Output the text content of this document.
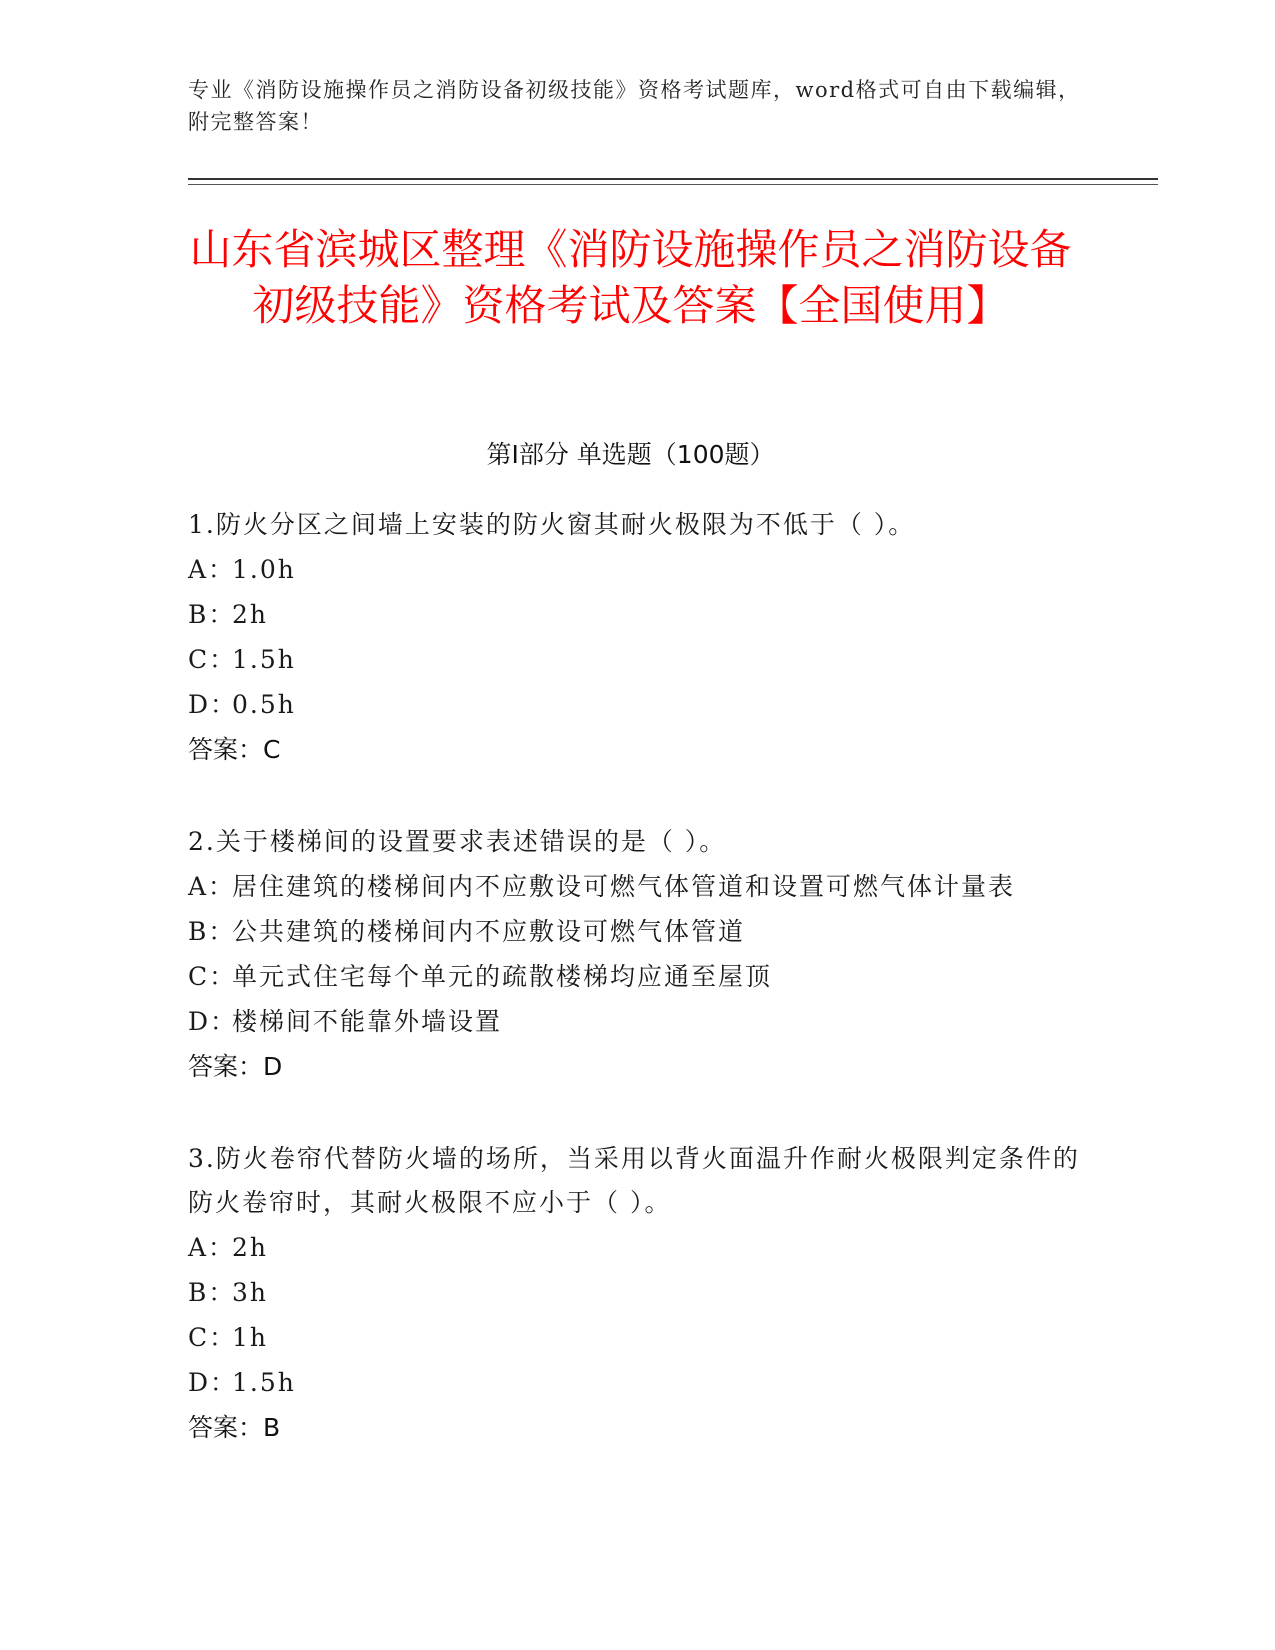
专业《消防设施操作员之消防设备初级技能》资格考试题库，word格式可自由下载编辑，附完整答案！
山东省滨城区整理《消防设施操作员之消防设备初级技能》资格考试及答案【全国使用】
第I部分 单选题（100题）

1.防火分区之间墙上安装的防火窗其耐火极限为不低于（ ）。

A：1.0h

B：2h

C：1.5h

D：0.5h

答案：C

2.关于楼梯间的设置要求表述错误的是（ ）。

A：居住建筑的楼梯间内不应敷设可燃气体管道和设置可燃气体计量表

B：公共建筑的楼梯间内不应敷设可燃气体管道

C：单元式住宅每个单元的疏散楼梯均应通至屋顶

D：楼梯间不能靠外墙设置

答案：D

3.防火卷帘代替防火墙的场所，当采用以背火面温升作耐火极限判定条件的防火卷帘时，其耐火极限不应小于（ ）。

A：2h

B：3h

C：1h

D：1.5h

答案：B
